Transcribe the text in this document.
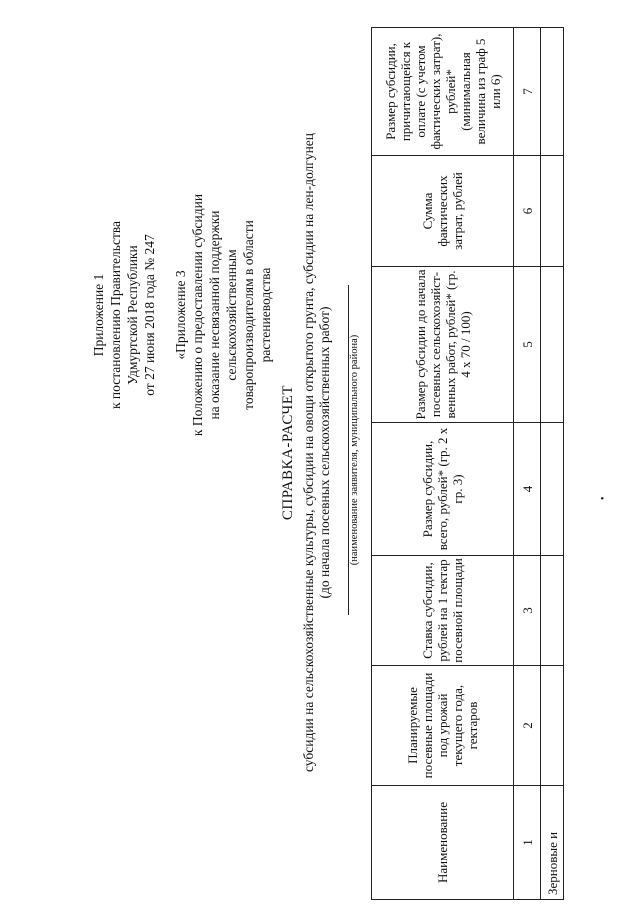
Приложение 1 к постановлению Правительства Удмуртской Республики от 27 июня 2018 года № 247 «Приложение 3 к Положению о предоставлении субсидии на оказание несвязанной поддержки сельскохозяйственным товаропроизводителям в области растениеводства
СПРАВКА-РАСЧЕТ субсидии на сельскохозяйственные культуры, субсидии на овощи открытого грунта, субсидии на лен-долгунец (до начала посевных сельскохозяйственных работ) (наименование заявителя, муниципального района)
Наименование	Планируемые посевные площади под урожай текущего года, гектаров	Ставка субсидии, рублей на 1 гектар посевной площади	Размер субсидии, всего, рублей* (гр. 2 х гр. 3)	Размер субсидии до начала посевных сельскохозяйст-венных работ, рублей* (гр. 4 х 70 / 100)	Сумма фактических затрат, рублей	Размер субсидии, причитающейся к оплате (с учетом фактических затрат), рублей* (минимальная величина из граф 5 или 6)
1	2	3	4	5	6	7
Зерновые и						
•
